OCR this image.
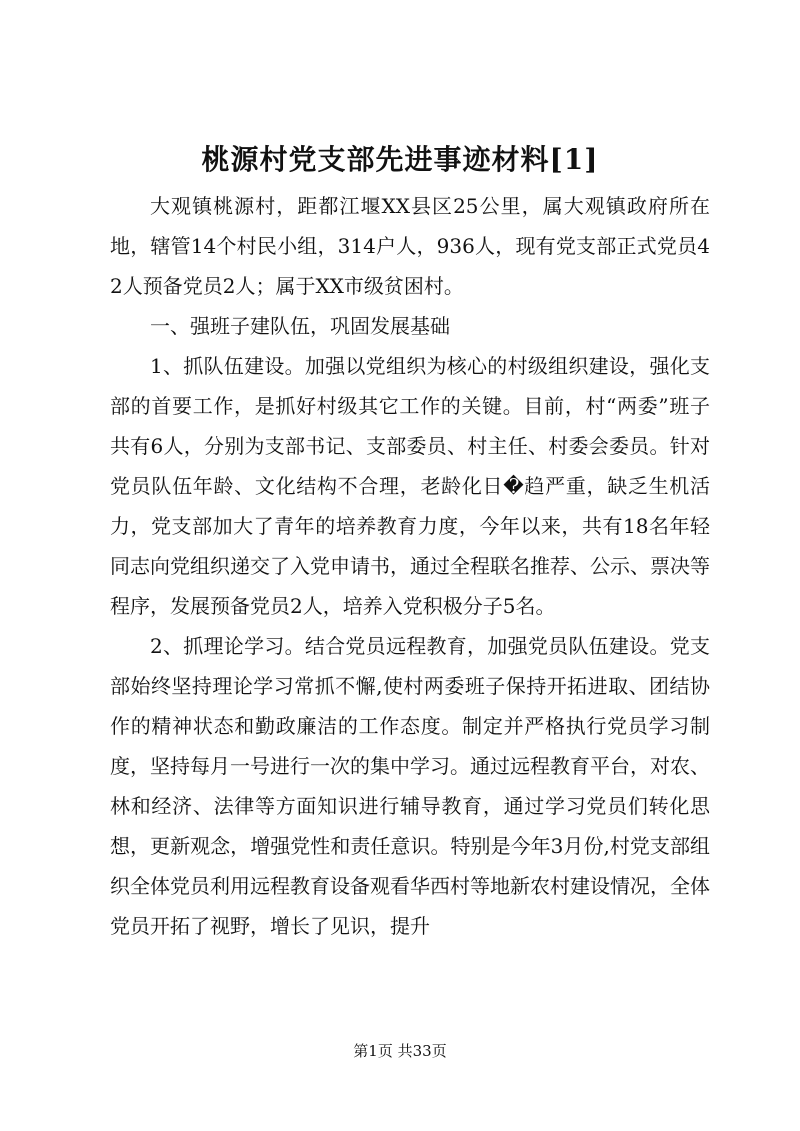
桃源村党支部先进事迹材料[1]

大观镇桃源村，距都江堰XX县区25公里，属大观镇政府所在地，辖管14个村民小组，314户人，936人，现有党支部正式党员42人预备党员2人；属于XX市级贫困村。

一、强班子建队伍，巩固发展基础

1、抓队伍建设。加强以党组织为核心的村级组织建设，强化支部的首要工作，是抓好村级其它工作的关键。目前，村“两委”班子共有6人，分别为支部书记、支部委员、村主任、村委会委员。针对党员队伍年龄、文化结构不合理，老龄化日�趋严重，缺乏生机活力，党支部加大了青年的培养教育力度，今年以来，共有18名年轻同志向党组织递交了入党申请书，通过全程联名推荐、公示、票决等程序，发展预备党员2人，培养入党积极分子5名。

2、抓理论学习。结合党员远程教育，加强党员队伍建设。党支部始终坚持理论学习常抓不懈,使村两委班子保持开拓进取、团结协作的精神状态和勤政廉洁的工作态度。制定并严格执行党员学习制度，坚持每月一号进行一次的集中学习。通过远程教育平台，对农、林和经济、法律等方面知识进行辅导教育，通过学习党员们转化思想，更新观念，增强党性和责任意识。特别是今年3月份,村党支部组织全体党员利用远程教育设备观看华西村等地新农村建设情况，全体党员开拓了视野，增长了见识，提升

第1页 共33页
